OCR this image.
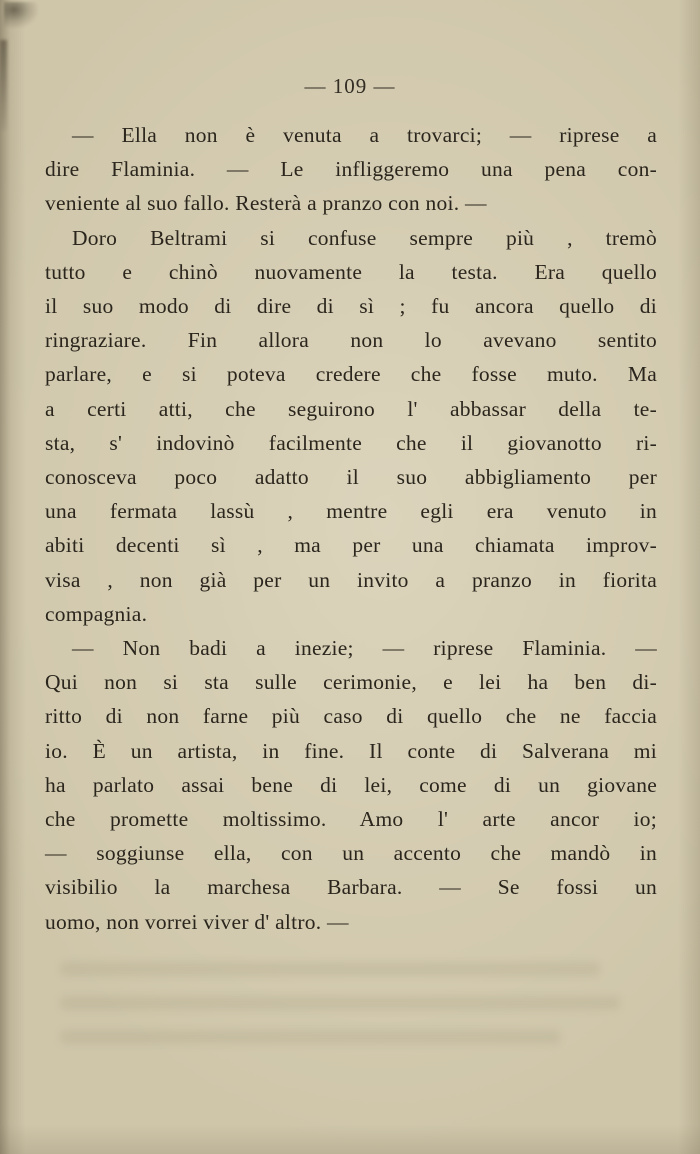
— 109 —
— Ella non è venuta a trovarci; — riprese a
dire Flaminia. — Le infliggeremo una pena con-
veniente al suo fallo. Resterà a pranzo con noi. —
Doro Beltrami si confuse sempre più , tremò
tutto e chinò nuovamente la testa. Era quello
il suo modo di dire di sì ; fu ancora quello di
ringraziare. Fin allora non lo avevano sentito
parlare, e si poteva credere che fosse muto. Ma
a certi atti, che seguirono l' abbassar della te-
sta, s' indovinò facilmente che il giovanotto ri-
conosceva poco adatto il suo abbigliamento per
una fermata lassù , mentre egli era venuto in
abiti decenti sì , ma per una chiamata improv-
visa , non già per un invito a pranzo in fiorita
compagnia.
— Non badi a inezie; — riprese Flaminia. —
Qui non si sta sulle cerimonie, e lei ha ben di-
ritto di non farne più caso di quello che ne faccia
io. È un artista, in fine. Il conte di Salverana mi
ha parlato assai bene di lei, come di un giovane
che promette moltissimo. Amo l' arte ancor io;
— soggiunse ella, con un accento che mandò in
visibilio la marchesa Barbara. — Se fossi un
uomo, non vorrei viver d' altro. —
